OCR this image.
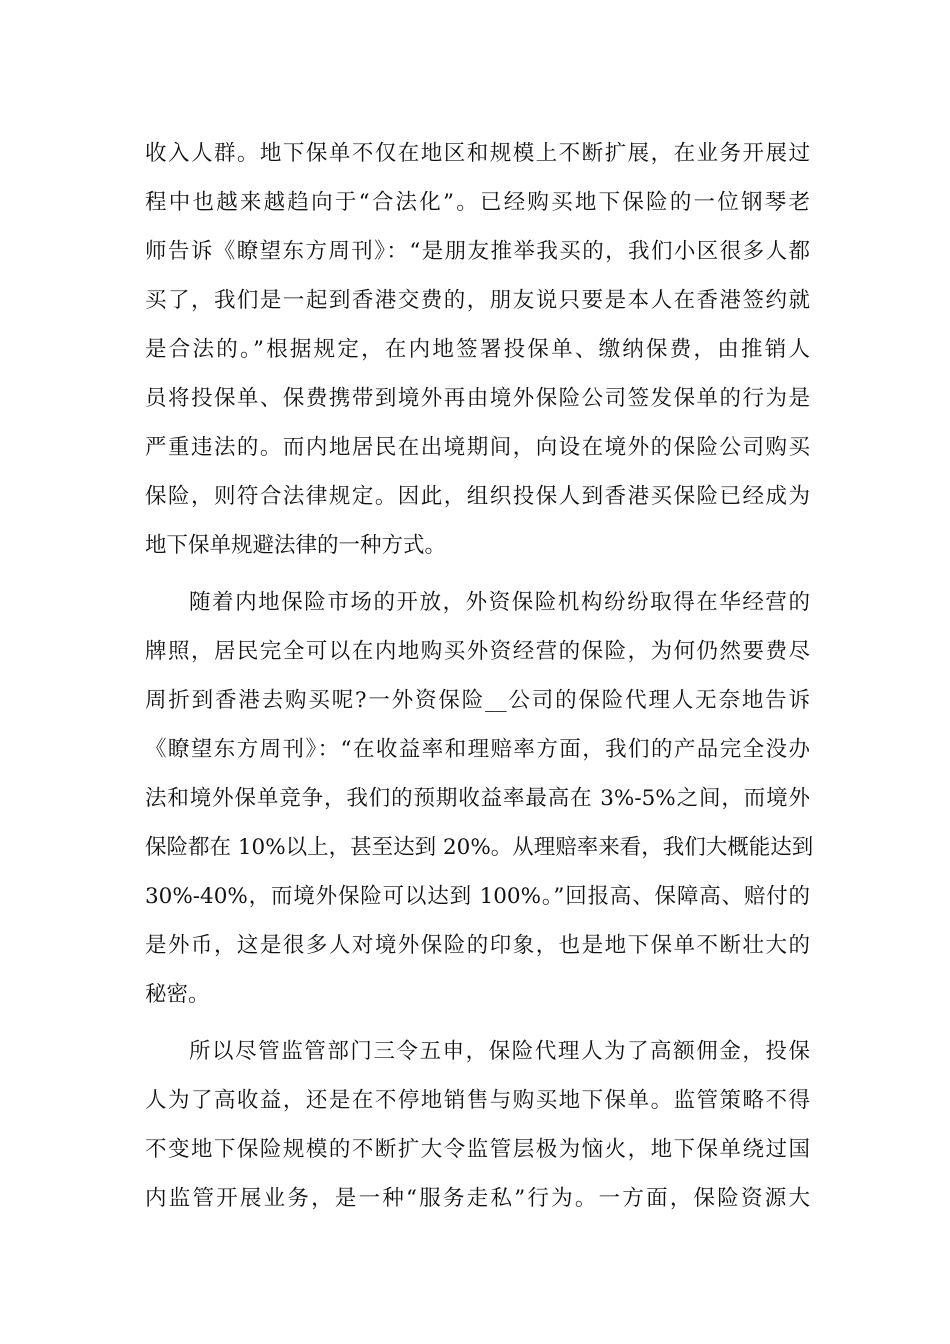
收入人群。地下保单不仅在地区和规模上不断扩展，在业务开展过
程中也越来越趋向于“合法化”。已经购买地下保险的一位钢琴老
师告诉《瞭望东方周刊》：“是朋友推举我买的，我们小区很多人都
买了，我们是一起到香港交费的，朋友说只要是本人在香港签约就
是合法的。”根据规定，在内地签署投保单、缴纳保费，由推销人
员将投保单、保费携带到境外再由境外保险公司签发保单的行为是
严重违法的。而内地居民在出境期间，向设在境外的保险公司购买
保险，则符合法律规定。因此，组织投保人到香港买保险已经成为
地下保单规避法律的一种方式。
随着内地保险市场的开放，外资保险机构纷纷取得在华经营的
牌照，居民完全可以在内地购买外资经营的保险，为何仍然要费尽
周折到香港去购买呢?一外资保险__公司的保险代理人无奈地告诉
《瞭望东方周刊》：“在收益率和理赔率方面，我们的产品完全没办
法和境外保单竞争，我们的预期收益率最高在 3%-5%之间，而境外
保险都在 10%以上，甚至达到 20%。从理赔率来看，我们大概能达到
30%-40%，而境外保险可以达到 100%。”回报高、保障高、赔付的
是外币，这是很多人对境外保险的印象，也是地下保单不断壮大的
秘密。
所以尽管监管部门三令五申，保险代理人为了高额佣金，投保
人为了高收益，还是在不停地销售与购买地下保单。监管策略不得
不变地下保险规模的不断扩大令监管层极为恼火，地下保单绕过国
内监管开展业务，是一种“服务走私”行为。一方面，保险资源大
